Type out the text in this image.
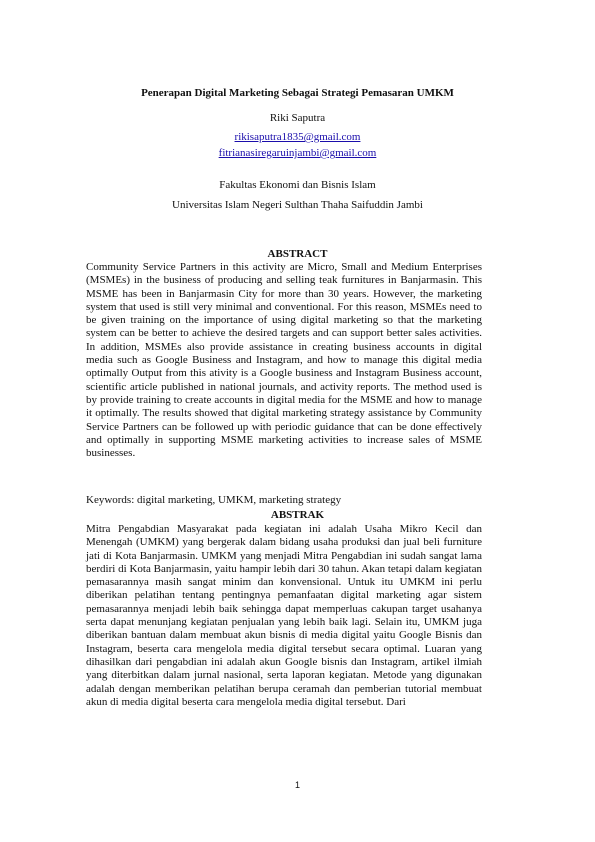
Penerapan Digital Marketing Sebagai Strategi Pemasaran UMKM
Riki Saputra
rikisaputra1835@gmail.com
fitrianasiregaruinjambi@gmail.com
Fakultas Ekonomi dan Bisnis Islam
Universitas Islam Negeri Sulthan Thaha Saifuddin Jambi
ABSTRACT
Community Service Partners in this activity are Micro, Small and Medium Enterprises (MSMEs) in the business of producing and selling teak furnitures in Banjarmasin. This MSME has been in Banjarmasin City for more than 30 years. However, the marketing system that used is still very minimal and conventional. For this reason, MSMEs need to be given training on the importance of using digital marketing so that the marketing system can be better to achieve the desired targets and can support better sales activities. In addition, MSMEs also provide assistance in creating business accounts in digital media such as Google Business and Instagram, and how to manage this digital media optimally Output from this ativity is a Google business and Instagram Business account, scientific article published in national journals, and activity reports. The method used is by provide training to create accounts in digital media for the MSME and how to manage it optimally. The results showed that digital marketing strategy assistance by Community Service Partners can be followed up with periodic guidance that can be done effectively and optimally in supporting MSME marketing activities to increase sales of MSME businesses.
Keywords: digital marketing, UMKM, marketing strategy
ABSTRAK
Mitra Pengabdian Masyarakat pada kegiatan ini adalah Usaha Mikro Kecil dan Menengah (UMKM) yang bergerak dalam bidang usaha produksi dan jual beli furniture jati di Kota Banjarmasin. UMKM yang menjadi Mitra Pengabdian ini sudah sangat lama berdiri di Kota Banjarmasin, yaitu hampir lebih dari 30 tahun. Akan tetapi dalam kegiatan pemasarannya masih sangat minim dan konvensional. Untuk itu UMKM ini perlu diberikan pelatihan tentang pentingnya pemanfaatan digital marketing agar sistem pemasarannya menjadi lebih baik sehingga dapat memperluas cakupan target usahanya serta dapat menunjang kegiatan penjualan yang lebih baik lagi. Selain itu, UMKM juga diberikan bantuan dalam membuat akun bisnis di media digital yaitu Google Bisnis dan Instagram, beserta cara mengelola media digital tersebut secara optimal. Luaran yang dihasilkan dari pengabdian ini adalah akun Google bisnis dan Instagram, artikel ilmiah yang diterbitkan dalam jurnal nasional, serta laporan kegiatan. Metode yang digunakan adalah dengan memberikan pelatihan berupa ceramah dan pemberian tutorial membuat akun di media digital beserta cara mengelola media digital tersebut. Dari
1
